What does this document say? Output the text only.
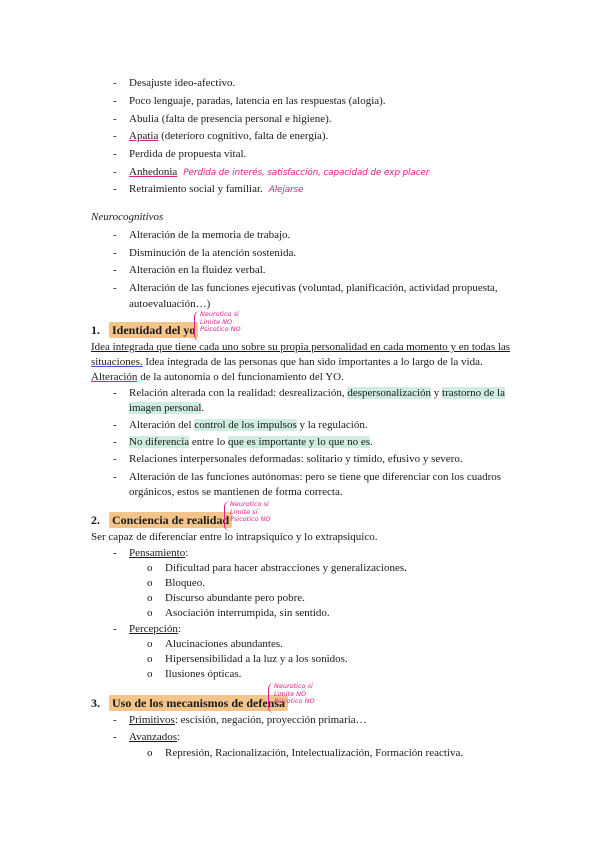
-	Desajuste ideo-afectivo.
-	Poco lenguaje, paradas, latencia en las respuestas (alogia).
-	Abulia (falta de presencia personal e higiene).
-	Apatia (deterioro cognitivo, falta de energía).
-	Perdida de propuesta vital.
-	Anhedonia Perdida de interés, satisfacción, capacidad de exp placer
-	Retraimiento social y familiar. Alejarse
Neurocognitivos
-	Alteración de la memoria de trabajo.
-	Disminución de la atención sostenida.
-	Alteración en la fluidez verbal.
-	Alteración de las funciones ejecutivas (voluntad, planificación, actividad propuesta,
autoevaluación…)
1. Identidad del yo
Neurotico si
Limite NO
Psicotico NO
Idea integrada que tiene cada uno sobre su propia personalidad en cada momento y en todas las
situaciones. Idea integrada de las personas que han sido importantes a lo largo de la vida.
Alteración de la autonomía o del funcionamiento del YO.
-	Relación alterada con la realidad: desrealización, despersonalización y trastorno de la
imagen personal.
-	Alteración del control de los impulsos y la regulación.
-	No diferencia entre lo que es importante y lo que no es.
-	Relaciones interpersonales deformadas: solitario y tímido, efusivo y severo.
-	Alteración de las funciones autónomas: pero se tiene que diferenciar con los cuadros
orgánicos, estos se mantienen de forma correcta.
2. Conciencia de realidad
Neurotico si
Limite si
Psicotico NO
Ser capaz de diferenciar entre lo intrapsiquico y lo extrapsiquico.
-	Pensamiento:
o	Dificultad para hacer abstracciones y generalizaciones.
o	Bloqueo.
o	Discurso abundante pero pobre.
o	Asociación interrumpida, sin sentido.
-	Percepción:
o	Alucinaciones abundantes.
o	Hipersensibilidad a la luz y a los sonidos.
o	Ilusiones ópticas.
3. Uso de los mecanismos de defensa
Neurotico si
Limite NO
Psicotico NO
-	Primitivos: escisión, negación, proyección primaria…
-	Avanzados:
o	Represión, Racionalización, Intelectualización, Formación reactiva.
